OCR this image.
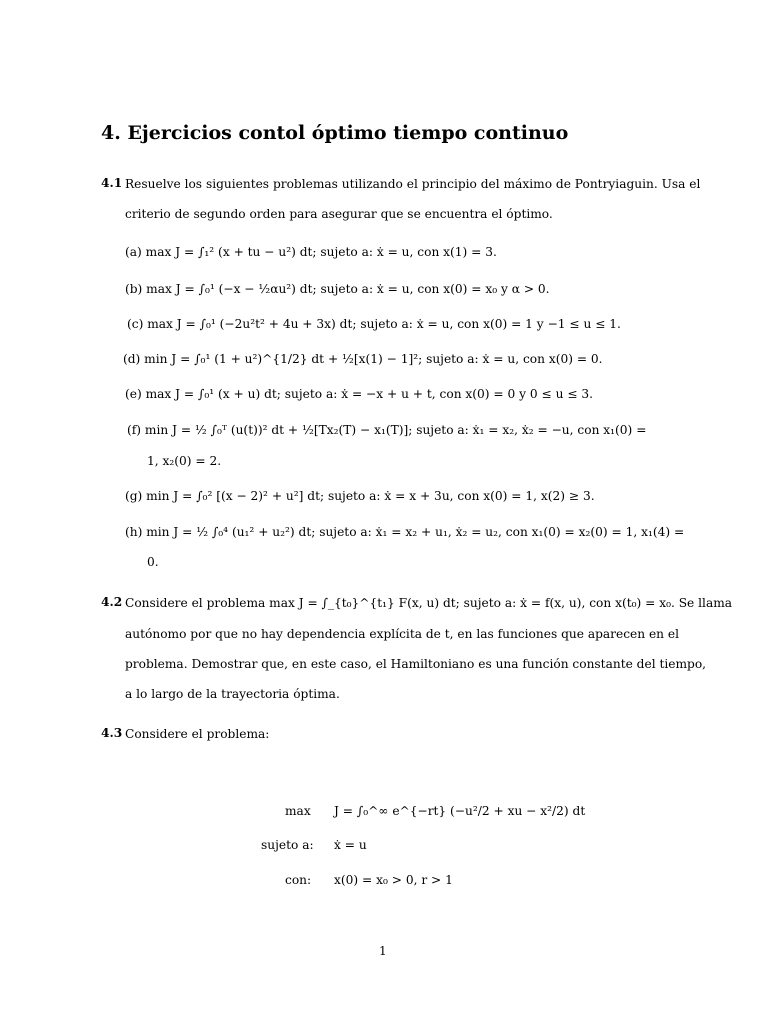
4. Ejercicios contol óptimo tiempo continuo
4.1 Resuelve los siguientes problemas utilizando el principio del máximo de Pontryiaguin. Usa el
criterio de segundo orden para asegurar que se encuentra el óptimo.
(a) max J = ∫₁² (x + tu − u²) dt; sujeto a: ẋ = u, con x(1) = 3.
(b) max J = ∫₀¹ (−x − ½αu²) dt; sujeto a: ẋ = u, con x(0) = x₀ y α > 0.
(c) max J = ∫₀¹ (−2u²t² + 4u + 3x) dt; sujeto a: ẋ = u, con x(0) = 1 y −1 ≤ u ≤ 1.
(d) min J = ∫₀¹ (1 + u²)^{1/2} dt + ½[x(1) − 1]²; sujeto a: ẋ = u, con x(0) = 0.
(e) max J = ∫₀¹ (x + u) dt; sujeto a: ẋ = −x + u + t, con x(0) = 0 y 0 ≤ u ≤ 3.
(f) min J = ½ ∫₀ᵀ (u(t))² dt + ½[Tx₂(T) − x₁(T)]; sujeto a: ẋ₁ = x₂, ẋ₂ = −u, con x₁(0) =
1, x₂(0) = 2.
(g) min J = ∫₀² [(x − 2)² + u²] dt; sujeto a: ẋ = x + 3u, con x(0) = 1, x(2) ≥ 3.
(h) min J = ½ ∫₀⁴ (u₁² + u₂²) dt; sujeto a: ẋ₁ = x₂ + u₁, ẋ₂ = u₂, con x₁(0) = x₂(0) = 1, x₁(4) =
0.
4.2 Considere el problema max J = ∫_{t₀}^{t₁} F(x, u) dt; sujeto a: ẋ = f(x, u), con x(t₀) = x₀. Se llama
autónomo por que no hay dependencia explícita de t, en las funciones que aparecen en el
problema. Demostrar que, en este caso, el Hamiltoniano es una función constante del tiempo,
a lo largo de la trayectoria óptima.
4.3 Considere el problema:
max J = ∫₀^∞ e^{−rt} (−u²/2 + xu − x²/2) dt
sujeto a: ẋ = u
con: x(0) = x₀ > 0, r > 1
1
